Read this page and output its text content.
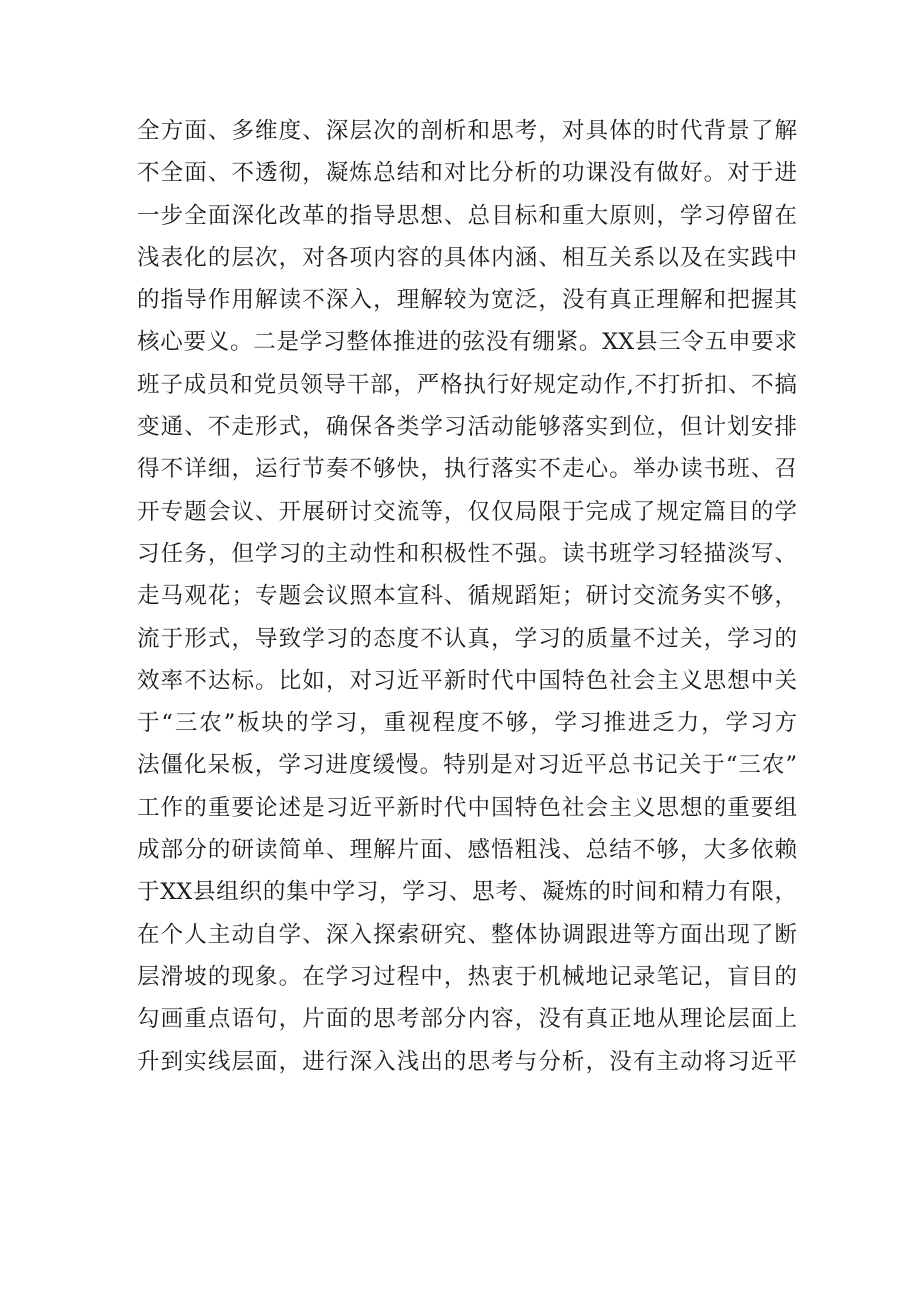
全方面、多维度、深层次的剖析和思考，对具体的时代背景了解
不全面、不透彻，凝炼总结和对比分析的功课没有做好。对于进
一步全面深化改革的指导思想、总目标和重大原则，学习停留在
浅表化的层次，对各项内容的具体内涵、相互关系以及在实践中
的指导作用解读不深入，理解较为宽泛，没有真正理解和把握其
核心要义。二是学习整体推进的弦没有绷紧。XX县三令五申要求
班子成员和党员领导干部，严格执行好规定动作,不打折扣、不搞
变通、不走形式，确保各类学习活动能够落实到位，但计划安排
得不详细，运行节奏不够快，执行落实不走心。举办读书班、召
开专题会议、开展研讨交流等，仅仅局限于完成了规定篇目的学
习任务，但学习的主动性和积极性不强。读书班学习轻描淡写、
走马观花；专题会议照本宣科、循规蹈矩；研讨交流务实不够，
流于形式，导致学习的态度不认真，学习的质量不过关，学习的
效率不达标。比如，对习近平新时代中国特色社会主义思想中关
于“三农”板块的学习，重视程度不够，学习推进乏力，学习方
法僵化呆板，学习进度缓慢。特别是对习近平总书记关于“三农”
工作的重要论述是习近平新时代中国特色社会主义思想的重要组
成部分的研读简单、理解片面、感悟粗浅、总结不够，大多依赖
于XX县组织的集中学习，学习、思考、凝炼的时间和精力有限，
在个人主动自学、深入探索研究、整体协调跟进等方面出现了断
层滑坡的现象。在学习过程中，热衷于机械地记录笔记，盲目的
勾画重点语句，片面的思考部分内容，没有真正地从理论层面上
升到实线层面，进行深入浅出的思考与分析，没有主动将习近平
